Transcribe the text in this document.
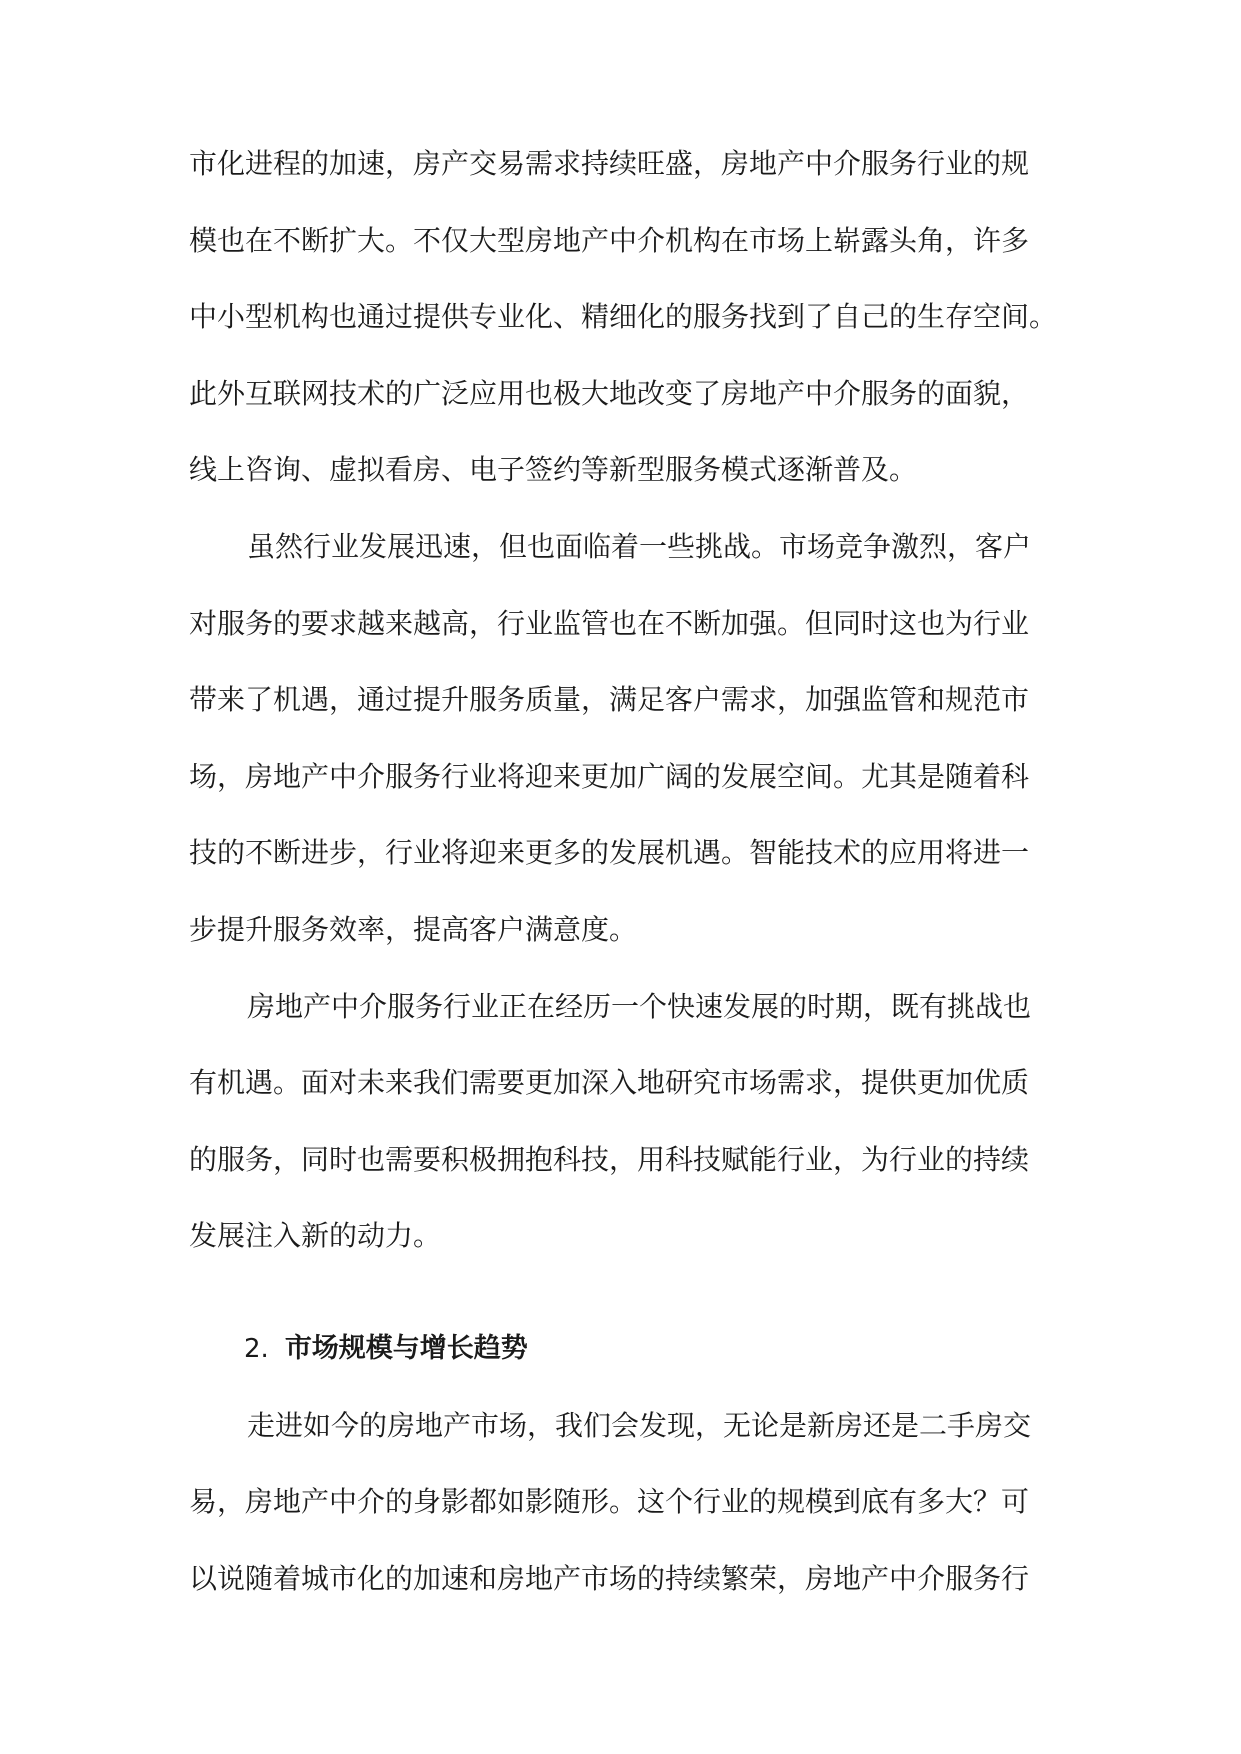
市化进程的加速，房产交易需求持续旺盛，房地产中介服务行业的规
模也在不断扩大。不仅大型房地产中介机构在市场上崭露头角，许多
中小型机构也通过提供专业化、精细化的服务找到了自己的生存空间。
此外互联网技术的广泛应用也极大地改变了房地产中介服务的面貌，
线上咨询、虚拟看房、电子签约等新型服务模式逐渐普及。
虽然行业发展迅速，但也面临着一些挑战。市场竞争激烈，客户
对服务的要求越来越高，行业监管也在不断加强。但同时这也为行业
带来了机遇，通过提升服务质量，满足客户需求，加强监管和规范市
场，房地产中介服务行业将迎来更加广阔的发展空间。尤其是随着科
技的不断进步，行业将迎来更多的发展机遇。智能技术的应用将进一
步提升服务效率，提高客户满意度。
房地产中介服务行业正在经历一个快速发展的时期，既有挑战也
有机遇。面对未来我们需要更加深入地研究市场需求，提供更加优质
的服务，同时也需要积极拥抱科技，用科技赋能行业，为行业的持续
发展注入新的动力。
2. 市场规模与增长趋势
走进如今的房地产市场，我们会发现，无论是新房还是二手房交
易，房地产中介的身影都如影随形。这个行业的规模到底有多大？可
以说随着城市化的加速和房地产市场的持续繁荣，房地产中介服务行
